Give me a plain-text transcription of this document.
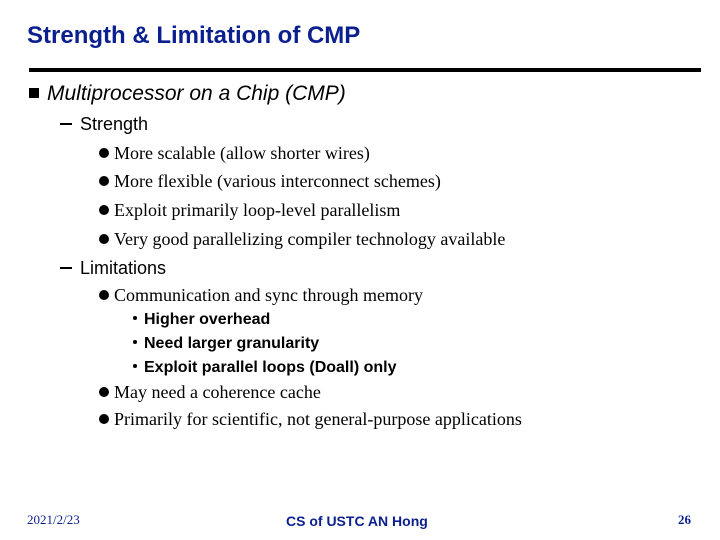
Strength & Limitation of CMP
Multiprocessor on a Chip (CMP)
Strength
More scalable (allow shorter wires)
More flexible (various interconnect schemes)
Exploit primarily loop-level parallelism
Very good parallelizing compiler technology available
Limitations
Communication and sync through memory
Higher overhead
Need larger granularity
Exploit parallel loops (Doall) only
May need a coherence cache
Primarily for scientific, not general-purpose applications
2021/2/23	CS of USTC AN Hong	26
